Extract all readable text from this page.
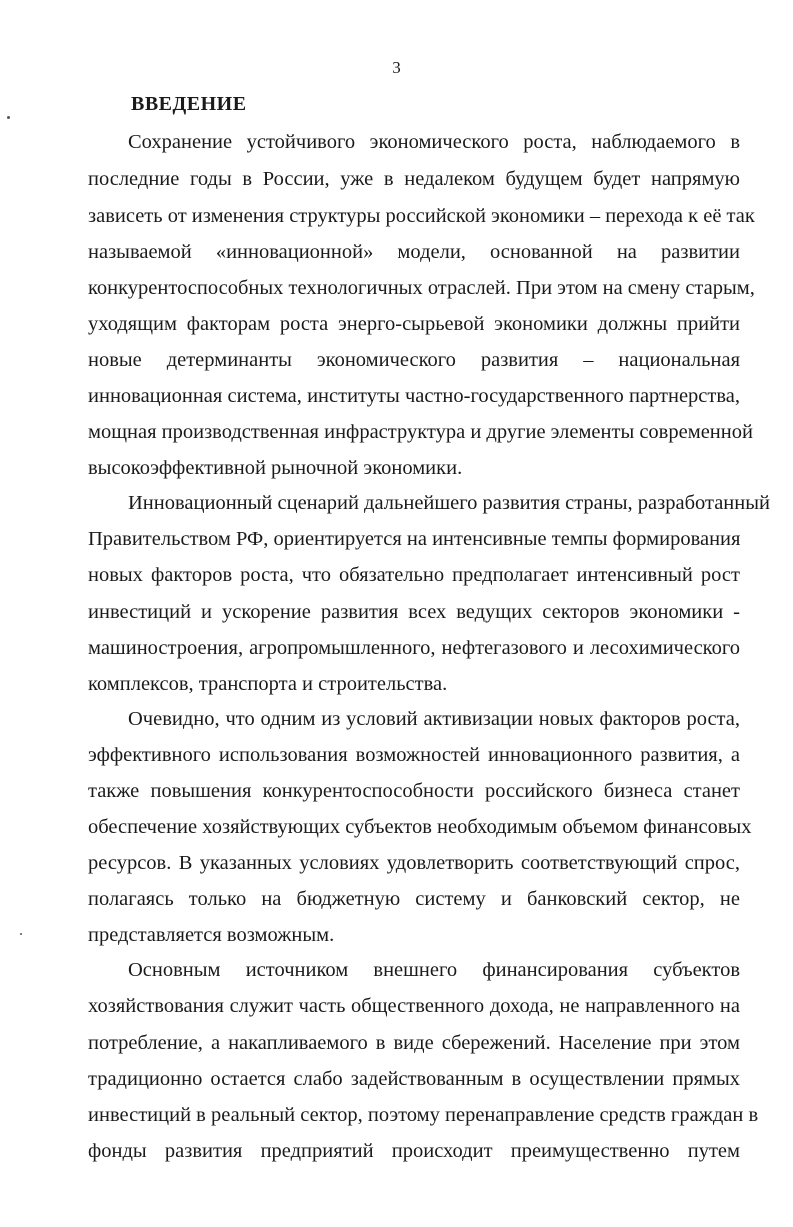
3
ВВЕДЕНИЕ
Сохранение устойчивого экономического роста, наблюдаемого в
последние годы в России, уже в недалеком будущем будет напрямую
зависеть от изменения структуры российской экономики – перехода к её так
называемой «инновационной» модели, основанной на развитии
конкурентоспособных технологичных отраслей. При этом на смену старым,
уходящим факторам роста энерго-сырьевой экономики должны прийти
новые детерминанты экономического развития – национальная
инновационная система, институты частно-государственного партнерства,
мощная производственная инфраструктура и другие элементы современной
высокоэффективной рыночной экономики.
Инновационный сценарий дальнейшего развития страны, разработанный
Правительством РФ, ориентируется на интенсивные темпы формирования
новых факторов роста, что обязательно предполагает интенсивный рост
инвестиций и ускорение развития всех ведущих секторов экономики -
машиностроения, агропромышленного, нефтегазового и лесохимического
комплексов, транспорта и строительства.
Очевидно, что одним из условий активизации новых факторов роста,
эффективного использования возможностей инновационного развития, а
также повышения конкурентоспособности российского бизнеса станет
обеспечение хозяйствующих субъектов необходимым объемом финансовых
ресурсов. В указанных условиях удовлетворить соответствующий спрос,
полагаясь только на бюджетную систему и банковский сектор, не
представляется возможным.
Основным источником внешнего финансирования субъектов
хозяйствования служит часть общественного дохода, не направленного на
потребление, а накапливаемого в виде сбережений. Население при этом
традиционно остается слабо задействованным в осуществлении прямых
инвестиций в реальный сектор, поэтому перенаправление средств граждан в
фонды развития предприятий происходит преимущественно путем
